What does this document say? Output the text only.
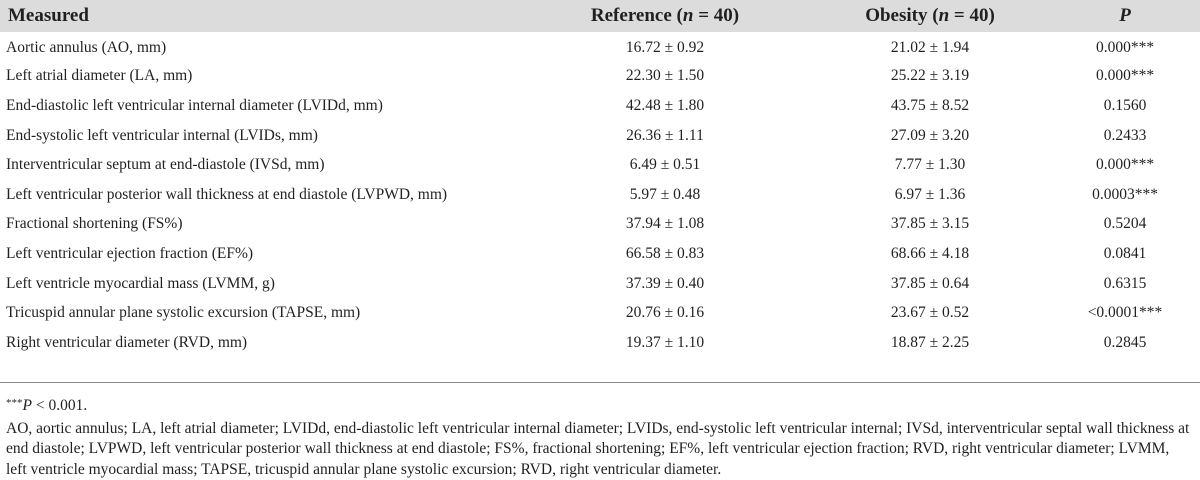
Measured	Reference (n = 40)	Obesity (n = 40)	P
Aortic annulus (AO, mm)	16.72 ± 0.92	21.02 ± 1.94	0.000***
Left atrial diameter (LA, mm)	22.30 ± 1.50	25.22 ± 3.19	0.000***
End-diastolic left ventricular internal diameter (LVIDd, mm)	42.48 ± 1.80	43.75 ± 8.52	0.1560
End-systolic left ventricular internal (LVIDs, mm)	26.36 ± 1.11	27.09 ± 3.20	0.2433
Interventricular septum at end-diastole (IVSd, mm)	6.49 ± 0.51	7.77 ± 1.30	0.000***
Left ventricular posterior wall thickness at end diastole (LVPWD, mm)	5.97 ± 0.48	6.97 ± 1.36	0.0003***
Fractional shortening (FS%)	37.94 ± 1.08	37.85 ± 3.15	0.5204
Left ventricular ejection fraction (EF%)	66.58 ± 0.83	68.66 ± 4.18	0.0841
Left ventricle myocardial mass (LVMM, g)	37.39 ± 0.40	37.85 ± 0.64	0.6315
Tricuspid annular plane systolic excursion (TAPSE, mm)	20.76 ± 0.16	23.67 ± 0.52	<0.0001***
Right ventricular diameter (RVD, mm)	19.37 ± 1.10	18.87 ± 2.25	0.2845

***P < 0.001.

AO, aortic annulus; LA, left atrial diameter; LVIDd, end-diastolic left ventricular internal diameter; LVIDs, end-systolic left ventricular internal; IVSd, interventricular septal wall thickness at end diastole; LVPWD, left ventricular posterior wall thickness at end diastole; FS%, fractional shortening; EF%, left ventricular ejection fraction; RVD, right ventricular diameter; LVMM, left ventricle myocardial mass; TAPSE, tricuspid annular plane systolic excursion; RVD, right ventricular diameter.
